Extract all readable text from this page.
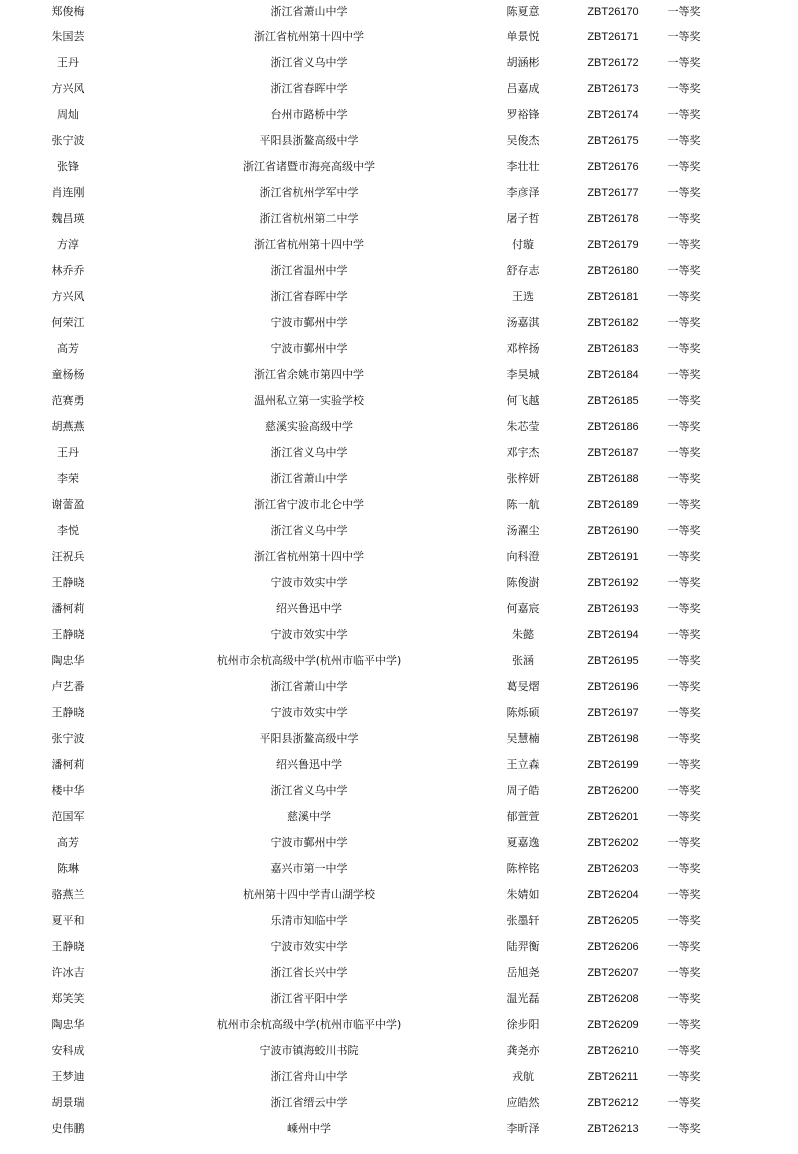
郑俊梅	浙江省萧山中学	陈夏意	ZBT26170	一等奖	
朱国芸	浙江省杭州第十四中学	单景悦	ZBT26171	一等奖	
王丹	浙江省义乌中学	胡涵彬	ZBT26172	一等奖	
方兴风	浙江省春晖中学	吕嘉成	ZBT26173	一等奖	
周灿	台州市路桥中学	罗裕锋	ZBT26174	一等奖	
张宁波	平阳县浙鳌高级中学	吴俊杰	ZBT26175	一等奖	
张锋	浙江省诸暨市海亮高级中学	李壮壮	ZBT26176	一等奖	
肖连刚	浙江省杭州学军中学	李彦泽	ZBT26177	一等奖	
魏昌瑛	浙江省杭州第二中学	屠子哲	ZBT26178	一等奖	
方淳	浙江省杭州第十四中学	付璇	ZBT26179	一等奖	
林乔乔	浙江省温州中学	舒存志	ZBT26180	一等奖	
方兴风	浙江省春晖中学	王选	ZBT26181	一等奖	
何荣江	宁波市鄞州中学	汤嘉淇	ZBT26182	一等奖	
高芳	宁波市鄞州中学	邓梓扬	ZBT26183	一等奖	
童杨杨	浙江省余姚市第四中学	李昊城	ZBT26184	一等奖	
范赛勇	温州私立第一实验学校	何飞越	ZBT26185	一等奖	
胡燕燕	慈溪实验高级中学	朱芯莹	ZBT26186	一等奖	
王丹	浙江省义乌中学	邓宇杰	ZBT26187	一等奖	
李荣	浙江省萧山中学	张梓妍	ZBT26188	一等奖	
谢蕾盈	浙江省宁波市北仑中学	陈一航	ZBT26189	一等奖	
李悦	浙江省义乌中学	汤濯尘	ZBT26190	一等奖	
汪祝兵	浙江省杭州第十四中学	向科澄	ZBT26191	一等奖	
王静晓	宁波市效实中学	陈俊澍	ZBT26192	一等奖	
潘柯莉	绍兴鲁迅中学	何嘉宸	ZBT26193	一等奖	
王静晓	宁波市效实中学	朱懿	ZBT26194	一等奖	
陶忠华	杭州市余杭高级中学(杭州市临平中学)	张涵	ZBT26195	一等奖	
卢艺番	浙江省萧山中学	葛旻熠	ZBT26196	一等奖	
王静晓	宁波市效实中学	陈烁硕	ZBT26197	一等奖	
张宁波	平阳县浙鳌高级中学	吴慧楠	ZBT26198	一等奖	
潘柯莉	绍兴鲁迅中学	王立森	ZBT26199	一等奖	
楼中华	浙江省义乌中学	周子皓	ZBT26200	一等奖	
范国军	慈溪中学	郁萱萱	ZBT26201	一等奖	
高芳	宁波市鄞州中学	夏嘉逸	ZBT26202	一等奖	
陈琳	嘉兴市第一中学	陈梓铭	ZBT26203	一等奖	
骆燕兰	杭州第十四中学青山湖学校	朱婧如	ZBT26204	一等奖	
夏平和	乐清市知临中学	张墨轩	ZBT26205	一等奖	
王静晓	宁波市效实中学	陆羿衡	ZBT26206	一等奖	
许冰吉	浙江省长兴中学	岳旭尧	ZBT26207	一等奖	
郑笑笑	浙江省平阳中学	温光磊	ZBT26208	一等奖	
陶忠华	杭州市余杭高级中学(杭州市临平中学)	徐步阳	ZBT26209	一等奖	
安科成	宁波市镇海蛟川书院	龚尧亦	ZBT26210	一等奖	
王梦迪	浙江省舟山中学	戎航	ZBT26211	一等奖	
胡景瑞	浙江省缙云中学	应皓然	ZBT26212	一等奖	
史伟鹏	嵊州中学	李昕泽	ZBT26213	一等奖	
